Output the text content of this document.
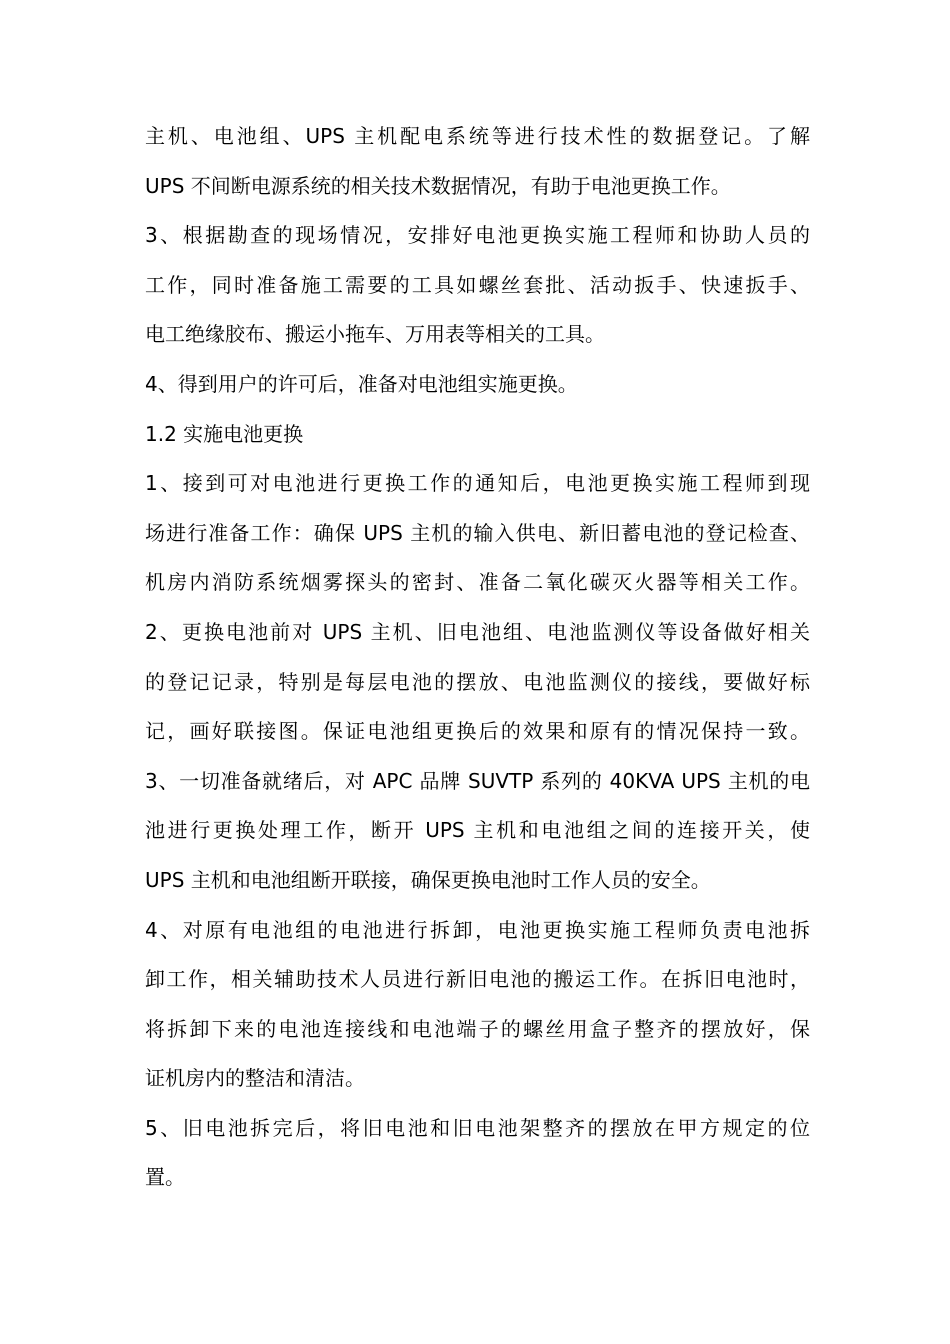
主机、电池组、UPS 主机配电系统等进行技术性的数据登记。了解
UPS 不间断电源系统的相关技术数据情况，有助于电池更换工作。
3、根据勘查的现场情况，安排好电池更换实施工程师和协助人员的
工作，同时准备施工需要的工具如螺丝套批、活动扳手、快速扳手、
电工绝缘胶布、搬运小拖车、万用表等相关的工具。
4、得到用户的许可后，准备对电池组实施更换。
1.2 实施电池更换
1、接到可对电池进行更换工作的通知后，电池更换实施工程师到现
场进行准备工作：确保 UPS 主机的输入供电、新旧蓄电池的登记检查、
机房内消防系统烟雾探头的密封、准备二氧化碳灭火器等相关工作。
2、更换电池前对 UPS 主机、旧电池组、电池监测仪等设备做好相关
的登记记录，特别是每层电池的摆放、电池监测仪的接线，要做好标
记，画好联接图。保证电池组更换后的效果和原有的情况保持一致。
3、一切准备就绪后，对 APC 品牌 SUVTP 系列的 40KVA UPS 主机的电
池进行更换处理工作，断开 UPS 主机和电池组之间的连接开关，使
UPS 主机和电池组断开联接，确保更换电池时工作人员的安全。
4、对原有电池组的电池进行拆卸，电池更换实施工程师负责电池拆
卸工作，相关辅助技术人员进行新旧电池的搬运工作。在拆旧电池时，
将拆卸下来的电池连接线和电池端子的螺丝用盒子整齐的摆放好，保
证机房内的整洁和清洁。
5、旧电池拆完后，将旧电池和旧电池架整齐的摆放在甲方规定的位
置。
